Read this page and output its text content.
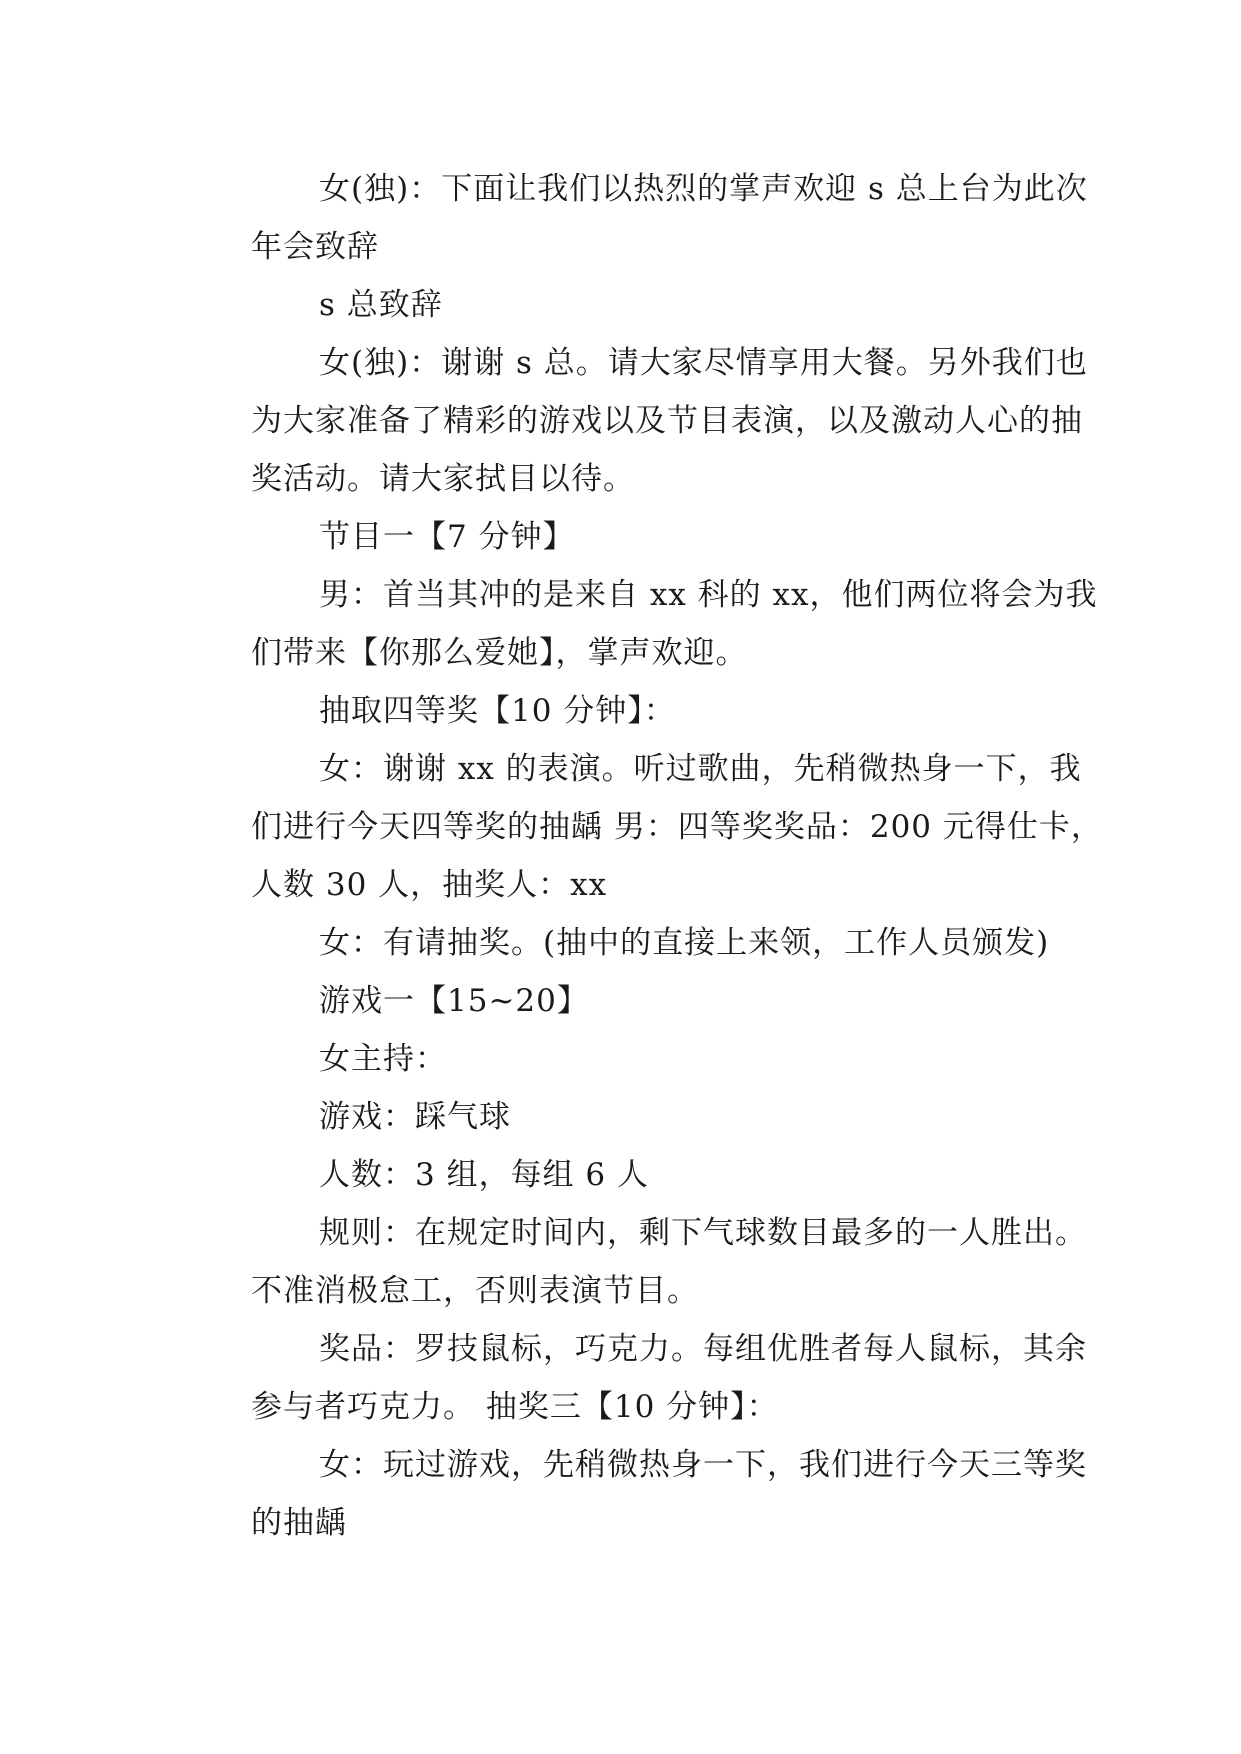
女(独)：下面让我们以热烈的掌声欢迎 s 总上台为此次
年会致辞
s 总致辞
女(独)：谢谢 s 总。请大家尽情享用大餐。另外我们也
为大家准备了精彩的游戏以及节目表演，以及激动人心的抽
奖活动。请大家拭目以待。
节目一【7 分钟】
男：首当其冲的是来自 xx 科的 xx，他们两位将会为我
们带来【你那么爱她】，掌声欢迎。
抽取四等奖【10 分钟】：
女：谢谢 xx 的表演。听过歌曲，先稍微热身一下，我
们进行今天四等奖的抽龋 男：四等奖奖品：200 元得仕卡，
人数 30 人，抽奖人：xx
女：有请抽奖。(抽中的直接上来领，工作人员颁发)
游戏一【15~20】
女主持：
游戏：踩气球
人数：3 组，每组 6 人
规则：在规定时间内，剩下气球数目最多的一人胜出。
不准消极怠工，否则表演节目。
奖品：罗技鼠标，巧克力。每组优胜者每人鼠标，其余
参与者巧克力。 抽奖三【10 分钟】：
女：玩过游戏，先稍微热身一下，我们进行今天三等奖
的抽龋
